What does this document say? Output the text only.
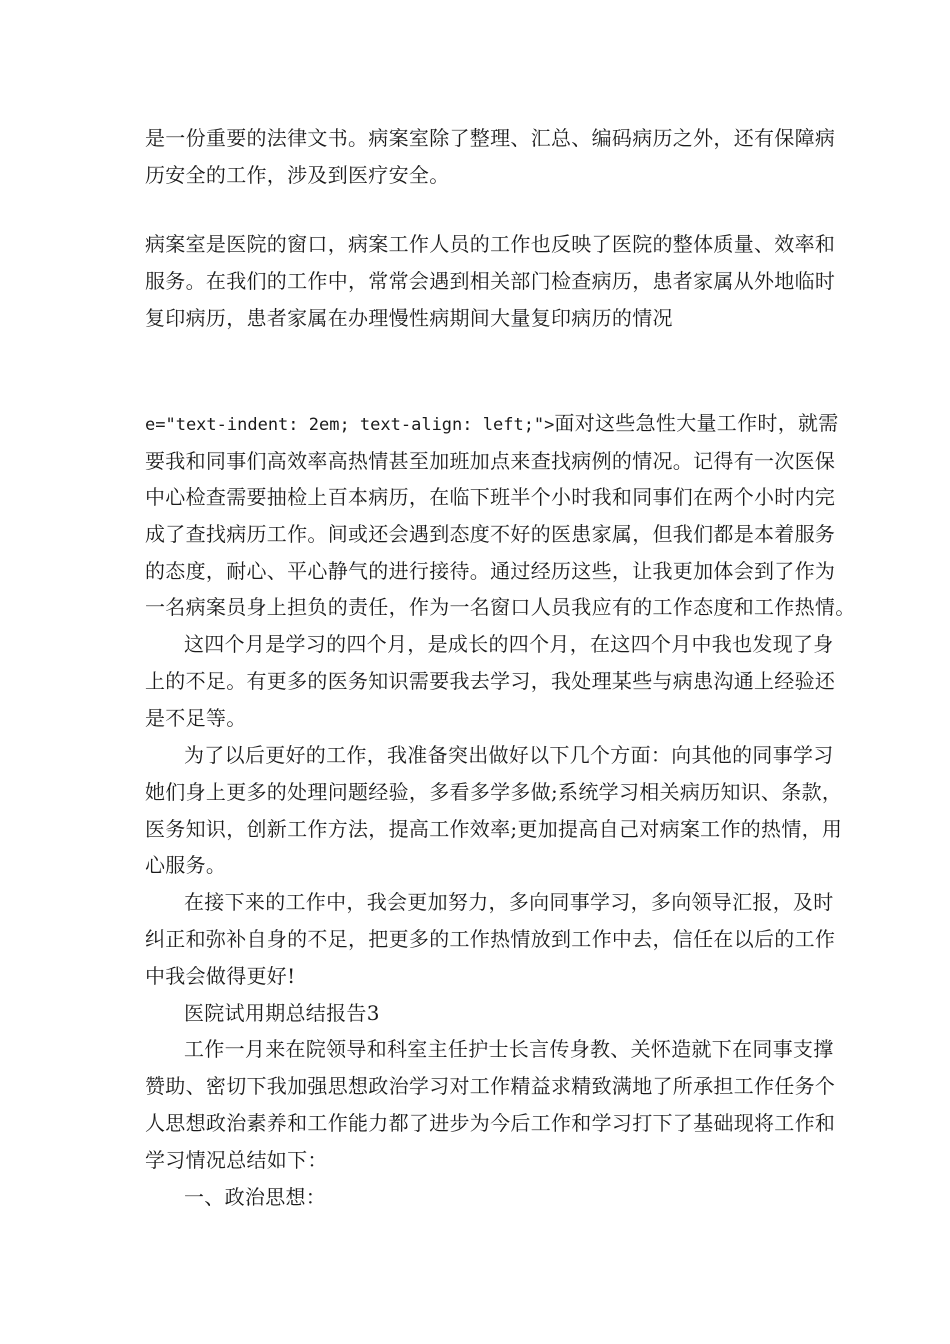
是一份重要的法律文书。病案室除了整理、汇总、编码病历之外，还有保障病
历安全的工作，涉及到医疗安全。
病案室是医院的窗口，病案工作人员的工作也反映了医院的整体质量、效率和
服务。在我们的工作中，常常会遇到相关部门检查病历，患者家属从外地临时
复印病历，患者家属在办理慢性病期间大量复印病历的情况
e="text-indent: 2em; text-align: left;">面对这些急性大量工作时，就需
要我和同事们高效率高热情甚至加班加点来查找病例的情况。记得有一次医保
中心检查需要抽检上百本病历，在临下班半个小时我和同事们在两个小时内完
成了查找病历工作。间或还会遇到态度不好的医患家属，但我们都是本着服务
的态度，耐心、平心静气的进行接待。通过经历这些，让我更加体会到了作为
一名病案员身上担负的责任，作为一名窗口人员我应有的工作态度和工作热情。
这四个月是学习的四个月，是成长的四个月，在这四个月中我也发现了身
上的不足。有更多的医务知识需要我去学习，我处理某些与病患沟通上经验还
是不足等。
为了以后更好的工作，我准备突出做好以下几个方面：向其他的同事学习
她们身上更多的处理问题经验，多看多学多做;系统学习相关病历知识、条款，
医务知识，创新工作方法，提高工作效率;更加提高自己对病案工作的热情，用
心服务。
在接下来的工作中，我会更加努力，多向同事学习，多向领导汇报，及时
纠正和弥补自身的不足，把更多的工作热情放到工作中去，信任在以后的工作
中我会做得更好!
医院试用期总结报告3
工作一月来在院领导和科室主任护士长言传身教、关怀造就下在同事支撑
赞助、密切下我加强思想政治学习对工作精益求精致满地了所承担工作任务个
人思想政治素养和工作能力都了进步为今后工作和学习打下了基础现将工作和
学习情况总结如下：
一、政治思想：
